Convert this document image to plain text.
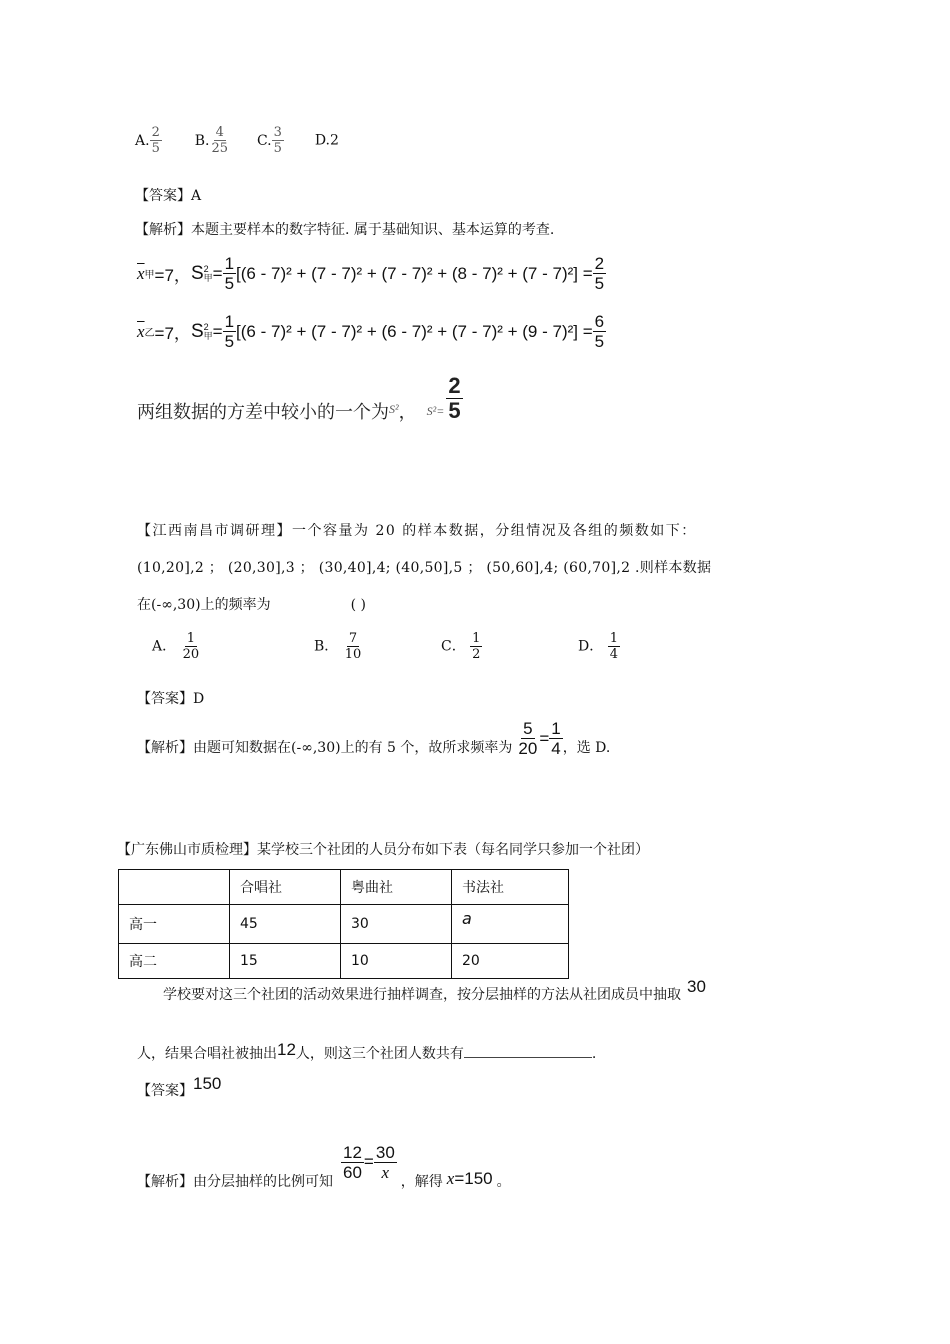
A. $\frac{2}{5} B$. $\frac{4}{25} C$. $\frac{3}{5} D.2$
【答案】A
【解析】本题主要样本的数字特征. 属于基础知识、基本运算的考查.
$\overline{x}$ 甲 =7， S 2
甲 = $\frac{1}{5} [(6 - 7)^2 + (7 - 7)^2 + (7 - 7)^2 + (8 - 7)^2 + (7 - 7)^2] = \frac{2}{5}$
$\overline{x}$ 乙 =7， S 2
甲 = $\frac{1}{5} [(6 - 7)^2 + (7 - 7)^2 + (6 - 7)^2 + (7 - 7)^2 + (9 - 7)^2] = \frac{6}{5}$
两组数据的方差中较小的一个为 S² ， $S^2= \frac{2}{5}$
【江西南昌市调研理】一个容量为 20 的样本数据，分组情况及各组的频数如下：
(10,20],2 ； (20,30],3 ； (30,40],4; (40,50],5 ； (50,60],4; (60,70],2 .则样本数据
在(-∞,30)上的频率为	( )
A． $\frac{1}{20}$	B． $\frac{7}{10}$	C． $\frac{1}{2}$	D． $\frac{1}{4}$
【答案】D
【解析】 由题可知数据在(-∞,30)上的有 5 个，故所求频率为 $\frac{5}{20} = \frac{1}{4}$ ，选 D.
【广东佛山市质检理】某学校三个社团的人员分布如下表（每名同学只参加一个社团）
	合唱社	粤曲社	书法社
高一	45	30	a
高二	15	10	20
学校要对这三个社团的活动效果进行抽样调查，按分层抽样的方法从社团成员中抽取 30
人，结果合唱社被抽出12人，则这三个社团人数共有	.
【答案】150
【解析】 由分层抽样的比例可知
$\frac{12}{60} = \frac{30}{x}$
，解得 x =150 。
